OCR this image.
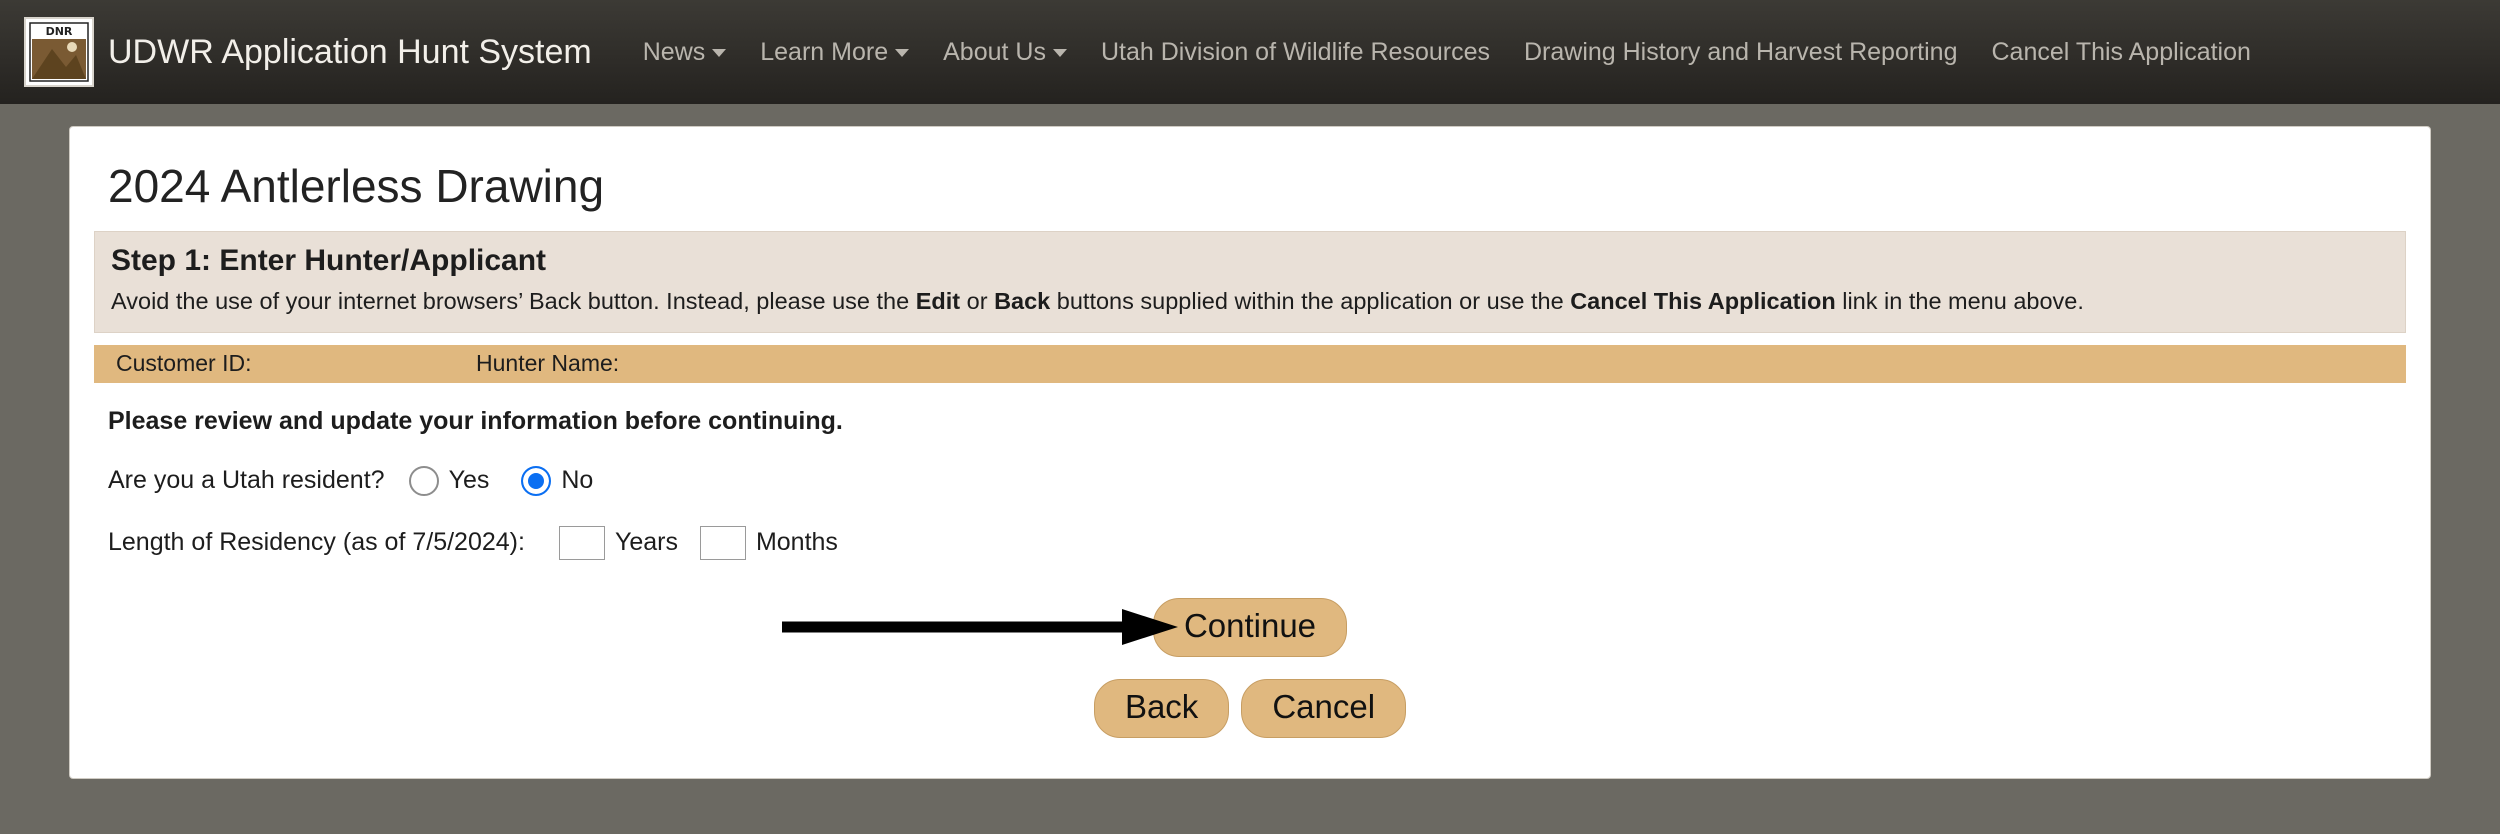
DNR
UDWR Application Hunt System	News	Learn More	About Us	Utah Division of Wildlife Resources	Drawing History and Harvest Reporting	Cancel This Application
2024 Antlerless Drawing
Step 1: Enter Hunter/Applicant
Avoid the use of your internet browsers’ Back button. Instead, please use the Edit or Back buttons supplied within the application or use the Cancel This Application link in the menu above.
Customer ID:	Hunter Name:
Please review and update your information before continuing.
Are you a Utah resident?	Yes	No
Length of Residency (as of 7/5/2024):	Years	Months
Continue
Back	Cancel
